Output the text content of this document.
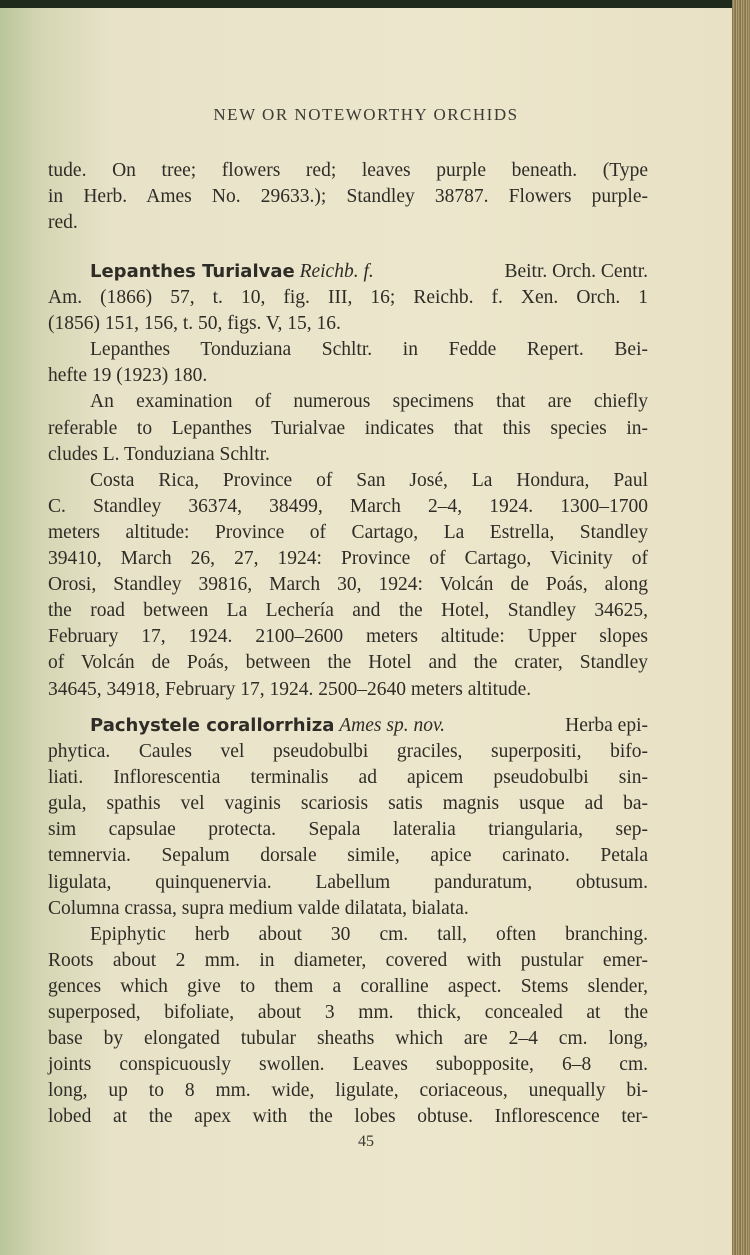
NEW OR NOTEWORTHY ORCHIDS
tude. On tree; flowers red; leaves purple beneath. (Type
in Herb. Ames No. 29633.); Standley 38787. Flowers purple-
red.
Lepanthes Turialvae Reichb. f.	Beitr. Orch. Centr.
Am. (1866) 57, t. 10, fig. III, 16; Reichb. f. Xen. Orch. 1
(1856) 151, 156, t. 50, figs. V, 15, 16.
Lepanthes Tonduziana Schltr. in Fedde Repert. Bei-
hefte 19 (1923) 180.
An examination of numerous specimens that are chiefly
referable to Lepanthes Turialvae indicates that this species in-
cludes L. Tonduziana Schltr.
Costa Rica, Province of San José, La Hondura, Paul
C. Standley 36374, 38499, March 2–4, 1924. 1300–1700
meters altitude: Province of Cartago, La Estrella, Standley
39410, March 26, 27, 1924: Province of Cartago, Vicinity of
Orosi, Standley 39816, March 30, 1924: Volcán de Poás, along
the road between La Lechería and the Hotel, Standley 34625,
February 17, 1924. 2100–2600 meters altitude: Upper slopes
of Volcán de Poás, between the Hotel and the crater, Standley
34645, 34918, February 17, 1924. 2500–2640 meters altitude.
Pachystele corallorrhiza Ames sp. nov.	Herba epi-
phytica. Caules vel pseudobulbi graciles, superpositi, bifo-
liati. Inflorescentia terminalis ad apicem pseudobulbi sin-
gula, spathis vel vaginis scariosis satis magnis usque ad ba-
sim capsulae protecta. Sepala lateralia triangularia, sep-
temnervia. Sepalum dorsale simile, apice carinato. Petala
ligulata, quinquenervia. Labellum panduratum, obtusum.
Columna crassa, supra medium valde dilatata, bialata.
Epiphytic herb about 30 cm. tall, often branching.
Roots about 2 mm. in diameter, covered with pustular emer-
gences which give to them a coralline aspect. Stems slender,
superposed, bifoliate, about 3 mm. thick, concealed at the
base by elongated tubular sheaths which are 2–4 cm. long,
joints conspicuously swollen. Leaves subopposite, 6–8 cm.
long, up to 8 mm. wide, ligulate, coriaceous, unequally bi-
lobed at the apex with the lobes obtuse. Inflorescence ter-
45
